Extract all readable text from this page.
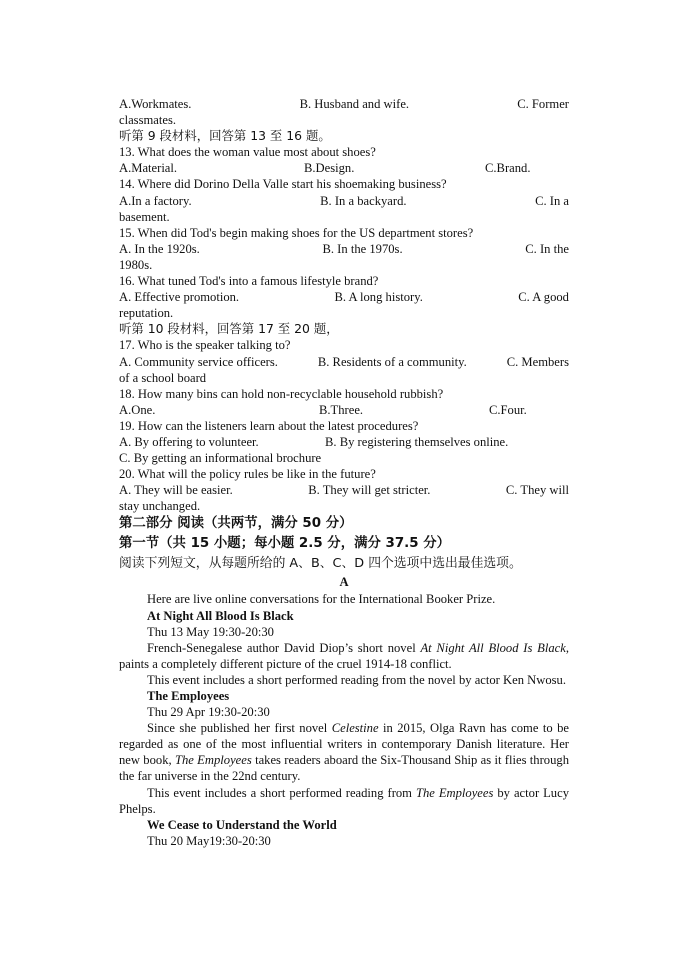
A.Workmates.	B. Husband and wife.	C. Former
classmates.
听第 9 段材料，回答第 13 至 16 题。
13. What does the woman value most about shoes?
A.Material.	B.Design.	C.Brand.
14. Where did Dorino Della Valle start his shoemaking business?
A.In a factory.	B. In a backyard.	C. In a
basement.
15. When did Tod's begin making shoes for the US department stores?
A. In the 1920s.	B. In the 1970s.	C. In the
1980s.
16. What tuned Tod's into a famous lifestyle brand?
A. Effective promotion.	B. A long history.	C. A good
reputation.
听第 10 段材料，回答第 17 至 20 题，
17. Who is the speaker talking to?
A. Community service officers.	B. Residents of a community.	C. Members
of a school board
18. How many bins can hold non-recyclable household rubbish?
A.One.	B.Three.	C.Four.
19. How can the listeners learn about the latest procedures?
A. By offering to volunteer.	B. By registering themselves online.
C. By getting an informational brochure
20. What will the policy rules be like in the future?
A. They will be easier.	B. They will get stricter.	C. They will
stay unchanged.
第二部分 阅读（共两节，满分 50 分）
第一节（共 15 小题；每小题 2.5 分，满分 37.5 分）
阅读下列短文，从每题所给的 A、B、C、D 四个选项中选出最佳选项。
A
Here are live online conversations for the International Booker Prize.
At Night All Blood Is Black
Thu 13 May 19:30-20:30
French-Senegalese author David Diop’s short novel At Night All Blood Is Black, paints a completely different picture of the cruel 1914-18 conflict.
This event includes a short performed reading from the novel by actor Ken Nwosu.
The Employees
Thu 29 Apr 19:30-20:30
Since she published her first novel Celestine in 2015, Olga Ravn has come to be regarded as one of the most influential writers in contemporary Danish literature. Her new book, The Employees takes readers aboard the Six-Thousand Ship as it flies through the far universe in the 22nd century.
This event includes a short performed reading from The Employees by actor Lucy Phelps.
We Cease to Understand the World
Thu 20 May19:30-20:30
